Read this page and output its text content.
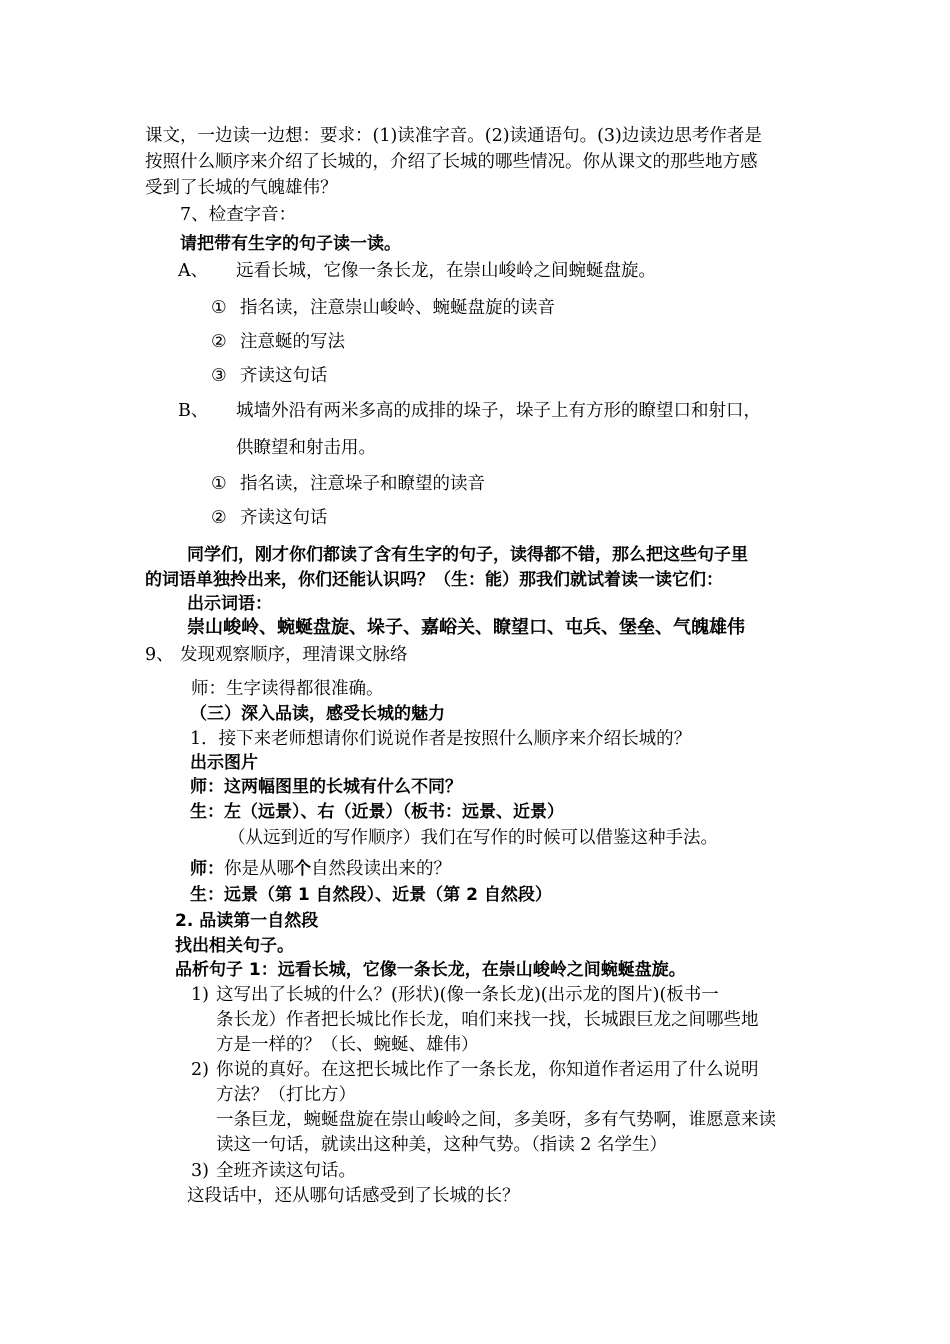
课文，一边读一边想：要求：(1)读准字音。(2)读通语句。(3)边读边思考作者是
按照什么顺序来介绍了长城的，介绍了长城的哪些情况。你从课文的那些地方感
受到了长城的气魄雄伟？
7、检查字音：
请把带有生字的句子读一读。
A、 远看长城，它像一条长龙，在崇山峻岭之间蜿蜒盘旋。
① 指名读，注意崇山峻岭、蜿蜒盘旋的读音
② 注意蜒的写法
③ 齐读这句话
B、 城墙外沿有两米多高的成排的垛子，垛子上有方形的瞭望口和射口，
供瞭望和射击用。
① 指名读，注意垛子和瞭望的读音
② 齐读这句话
同学们，刚才你们都读了含有生字的句子，读得都不错，那么把这些句子里
的词语单独拎出来，你们还能认识吗？（生：能）那我们就试着读一读它们：
出示词语：
崇山峻岭、蜿蜒盘旋、垛子、嘉峪关、瞭望口、屯兵、堡垒、气魄雄伟
9、 发现观察顺序，理清课文脉络
师：生字读得都很准确。
（三）深入品读，感受长城的魅力
1．接下来老师想请你们说说作者是按照什么顺序来介绍长城的？
出示图片
师：这两幅图里的长城有什么不同？
生：左（远景）、右（近景）（板书：远景、近景）
（从远到近的写作顺序）我们在写作的时候可以借鉴这种手法。
师：你是从哪个自然段读出来的？
生：远景（第 1 自然段）、近景（第 2 自然段）
2. 品读第一自然段
找出相关句子。
品析句子 1：远看长城，它像一条长龙，在崇山峻岭之间蜿蜒盘旋。
1) 这写出了长城的什么？(形状)(像一条长龙)(出示龙的图片)(板书一
条长龙）作者把长城比作长龙，咱们来找一找，长城跟巨龙之间哪些地
方是一样的？（长、蜿蜒、雄伟）
2) 你说的真好。在这把长城比作了一条长龙，你知道作者运用了什么说明
方法？（打比方）
一条巨龙，蜿蜒盘旋在崇山峻岭之间，多美呀，多有气势啊，谁愿意来读
读这一句话，就读出这种美，这种气势。（指读 2 名学生）
3) 全班齐读这句话。
这段话中，还从哪句话感受到了长城的长？
